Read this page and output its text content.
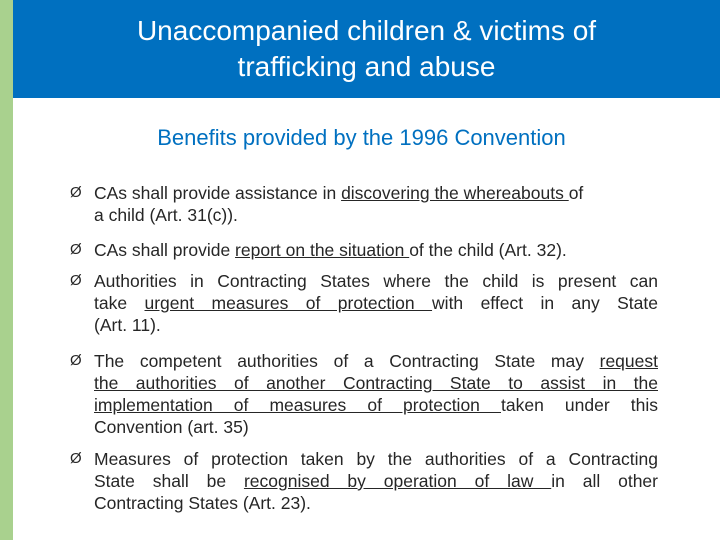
Unaccompanied children & victims of
trafficking and abuse
Benefits provided by the 1996 Convention
Ø CAs shall provide assistance in discovering the whereabouts of
a child (Art. 31(c)).
Ø CAs shall provide report on the situation of the child (Art. 32).
Ø Authorities in Contracting States where the child is present can
take urgent measures of protection with effect in any State
(Art. 11).
Ø The competent authorities of a Contracting State may request
the authorities of another Contracting State to assist in the
implementation of measures of protection taken under this
Convention (art. 35)
Ø Measures of protection taken by the authorities of a Contracting
State shall be recognised by operation of law in all other
Contracting States (Art. 23).
